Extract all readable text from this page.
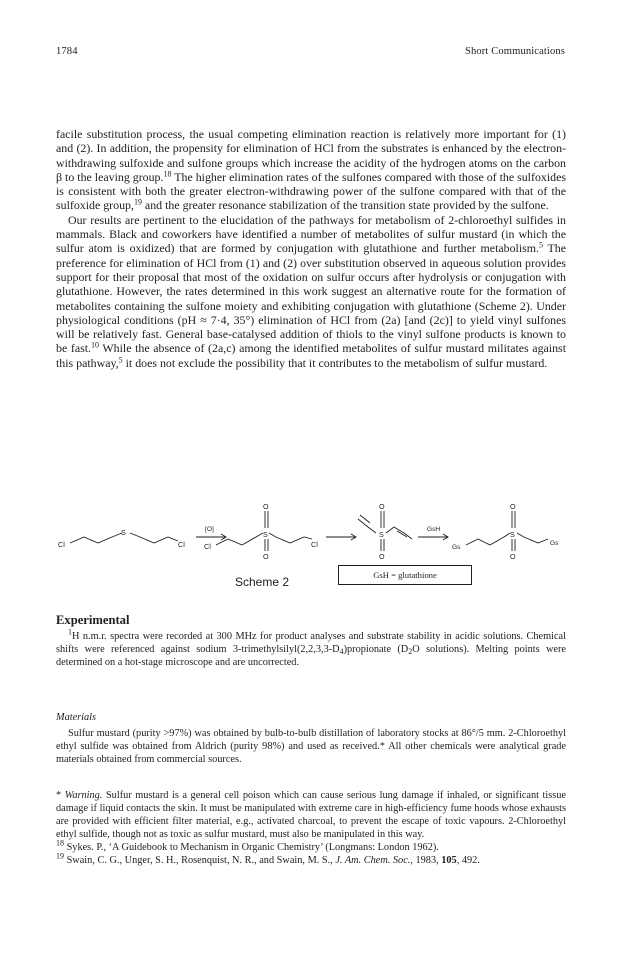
1784	Short Communications

facile substitution process, the usual competing elimination reaction is relatively more important for (1) and (2). In addition, the propensity for elimination of HCl from the substrates is enhanced by the electron-withdrawing sulfoxide and sulfone groups which increase the acidity of the hydrogen atoms on the carbon β to the leaving group.$^{18}$ The higher elimination rates of the sulfones compared with those of the sulfoxides is consistent with both the greater electron-withdrawing power of the sulfone compared with that of the sulfoxide group,$^{19}$ and the greater resonance stabilization of the transition state provided by the sulfone.

Our results are pertinent to the elucidation of the pathways for metabolism of 2-chloroethyl sulfides in mammals. Black and coworkers have identified a number of metabolites of sulfur mustard (in which the sulfur atom is oxidized) that are formed by conjugation with glutathione and further metabolism.$^5$ The preference for elimination of HCl from (1) and (2) over substitution observed in aqueous solution provides support for their proposal that most of the oxidation on sulfur occurs after hydrolysis or conjugation with glutathione. However, the rates determined in this work suggest an alternative route for the formation of metabolites containing the sulfone moiety and exhibiting conjugation with glutathione (Scheme 2). Under physiological conditions (pH ≈ 7·4, 35°) elimination of HCl from (2a) [and (2c)] to yield vinyl sulfones will be relatively fast. General base-catalysed addition of thiols to the vinyl sulfone products is known to be fast.$^{10}$ While the absence of (2a,c) among the identified metabolites of sulfur mustard militates against this pathway,$^5$ it does not exclude the possibility that it contributes to the metabolism of sulfur mustard.

Cl
S
Cl
[O]
Cl
O
S
O
Cl
O
S
O
GsH
Gs
O
S
O
Gs
GsH = glutathione
Scheme 2
Experimental

$^1$H n.m.r. spectra were recorded at 300 MHz for product analyses and substrate stability in acidic solutions. Chemical shifts were referenced against sodium $3-trimethylsilyl(2,2,3,3-D_4)propionate$ ($D_2O$ solutions). Melting points were determined on a hot-stage microscope and are uncorrected.

Materials

Sulfur mustard (purity >97%) was obtained by bulb-to-bulb distillation of laboratory stocks at 86°/5 mm. 2-Chloroethyl ethyl sulfide was obtained from Aldrich (purity 98%) and used as received.* All other chemicals were analytical grade materials obtained from commercial sources.

* Warning. Sulfur mustard is a general cell poison which can cause serious lung damage if inhaled, or significant tissue damage if liquid contacts the skin. It must be manipulated with extreme care in high-efficiency fume hoods whose exhausts are provided with efficient filter material, e.g., activated charcoal, to prevent the escape of toxic vapours. 2-Chloroethyl ethyl sulfide, though not as toxic as sulfur mustard, must also be manipulated in this way.

$^{18}$ Sykes. P., ‘A Guidebook to Mechanism in Organic Chemistry’ (Longmans: London 1962).

$^{19}$ Swain, C. G., Unger, S. H., Rosenquist, N. R., and Swain, M. S., J. Am. Chem. Soc., 1983, 105, 492.
